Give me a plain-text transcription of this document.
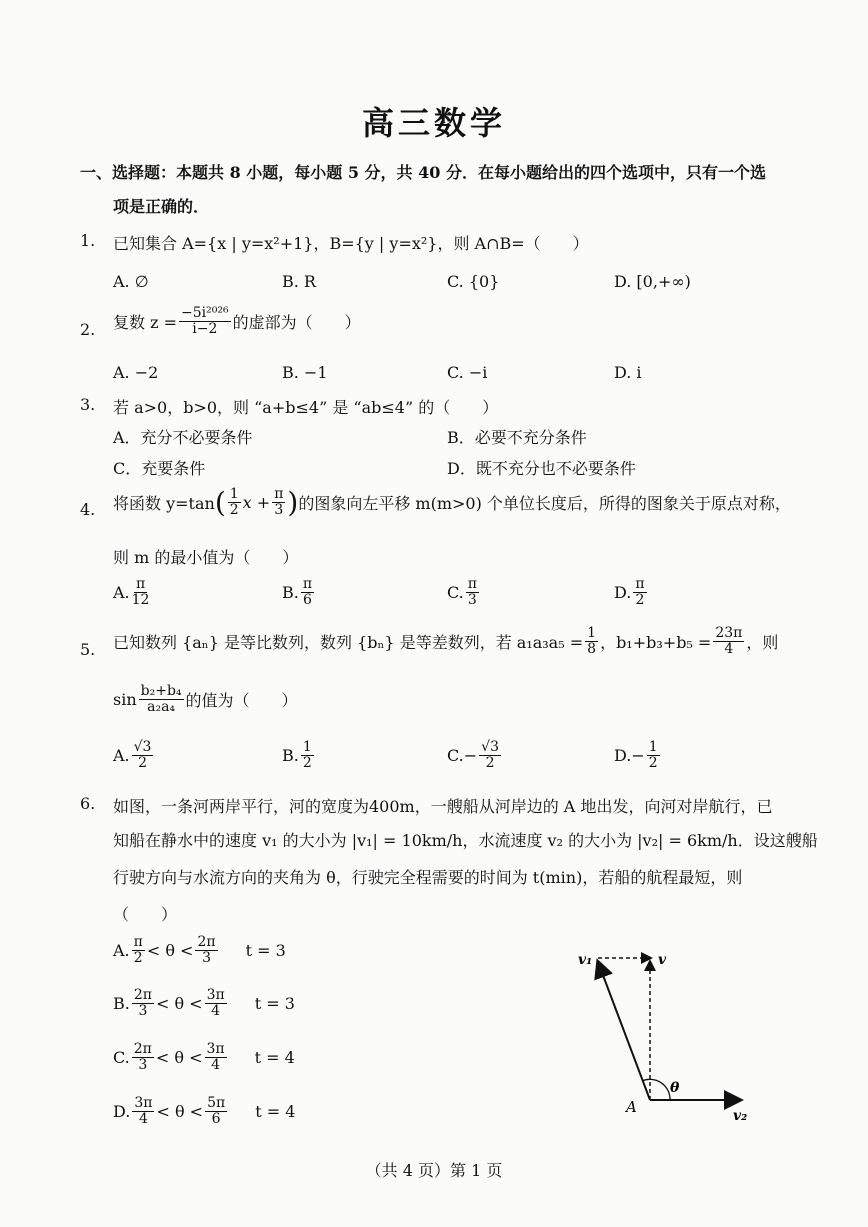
高三数学
一、选择题：本题共 8 小题，每小题 5 分，共 40 分．在每小题给出的四个选项中，只有一个选
项是正确的．
1. 已知集合 A={x | y=x²+1}，B={y | y=x²}，则 A∩B=（　　）
A. ∅	B. R	C. {0}	D. [0,+∞)
2. 复数 $z = \frac{\text{−5i²⁰²⁶}}{i-2}$ 的虚部为（　　）
A. −2	B. −1	C. −i	D. i
3. 若 a>0，b>0，则 “a+b≤4” 是 “ab≤4” 的（　　）
A．充分不必要条件	B．必要不充分条件
C．充要条件	D．既不充分也不必要条件
4. 将函数 y=tan ( $\frac{1}{2}$ $x + \frac{\pi}{3}$ ) 的图象向左平移 m(m>0) 个单位长度后，所得的图象关于原点对称，
则 m 的最小值为（　　）
A. $\frac{\pi}{12}$	B. $\frac{\pi}{6}$	C. $\frac{\pi}{3}$	D. $\frac{\pi}{2}$
5. 已知数列 {aₙ} 是等比数列，数列 {bₙ} 是等差数列，若 $a_1a_3a_5 = \frac{1}{8}$ ，$b_1+b_3+b_5 = \frac{23\pi}{4}$ ，则
$\sin \frac{\text{b₂+b₄}}{\text{a₂a₄}}$ 的值为（　　）
A. $\frac{√3}{2}$	B. $\frac{1}{2}$	C. − $\frac{√3}{2}$	D. − $\frac{1}{2}$
6. 如图，一条河两岸平行，河的宽度为400m，一艘船从河岸边的 A 地出发，向河对岸航行，已
知船在静水中的速度 v₁ 的大小为 |v₁| = 10km/h，水流速度 v₂ 的大小为 |v₂| = 6km/h．设这艘船
行驶方向与水流方向的夹角为 θ，行驶完全程需要的时间为 t(min)，若船的航程最短，则
（　　）
A. $\frac{\pi}{2} < \theta < \frac{2\pi}{3}$ t = 3
B. $\frac{2\pi}{3} < \theta < \frac{3\pi}{4}$ t = 3
C. $\frac{2\pi}{3} < \theta < \frac{3\pi}{4}$ t = 4
D. $\frac{3\pi}{4} < \theta < \frac{5\pi}{6}$ t = 4
v₁	v
v₂
A
θ
（共 4 页）第 1 页
